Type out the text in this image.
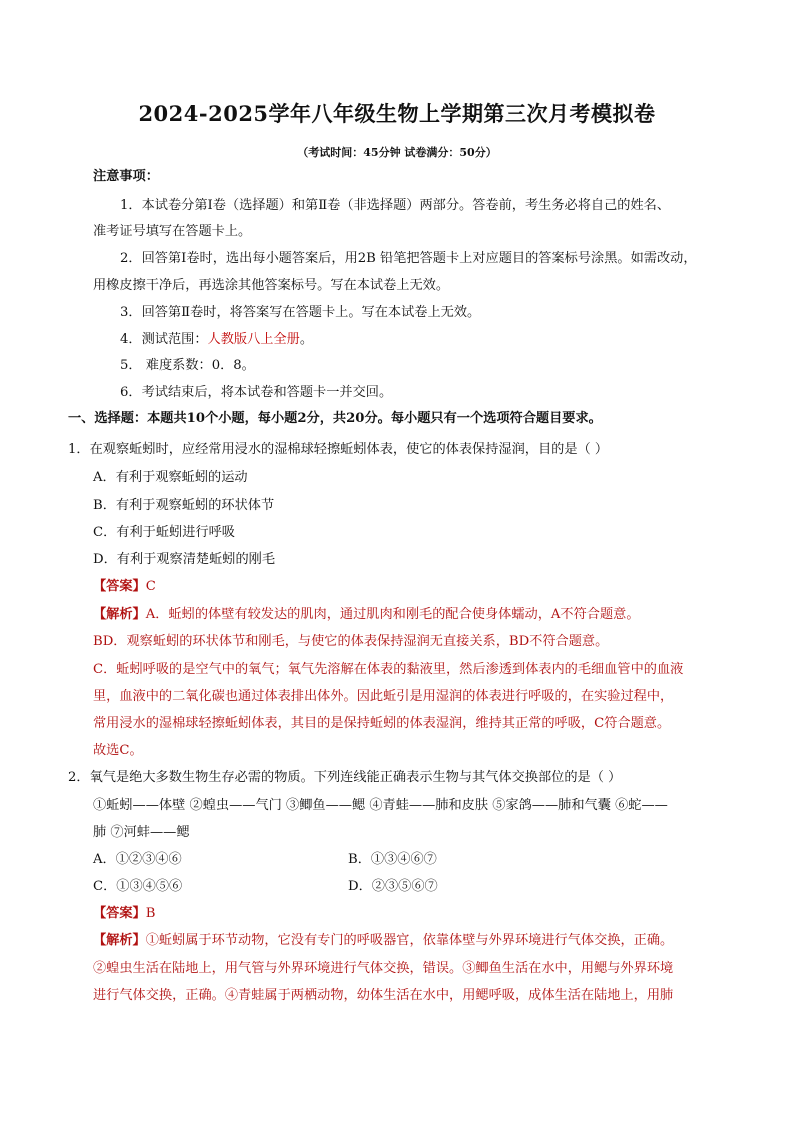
2024-2025学年八年级生物上学期第三次月考模拟卷
（考试时间：45分钟 试卷满分：50分）
注意事项：
1．本试卷分第Ⅰ卷（选择题）和第Ⅱ卷（非选择题）两部分。答卷前，考生务必将自己的姓名、
准考证号填写在答题卡上。
2．回答第Ⅰ卷时，选出每小题答案后，用2B 铅笔把答题卡上对应题目的答案标号涂黑。如需改动，
用橡皮擦干净后，再选涂其他答案标号。写在本试卷上无效。
3．回答第Ⅱ卷时，将答案写在答题卡上。写在本试卷上无效。
4．测试范围：人教版八上全册。
5． 难度系数：0．8。
6．考试结束后，将本试卷和答题卡一并交回。
一、选择题：本题共10个小题，每小题2分，共20分。每小题只有一个选项符合题目要求。
1．在观察蚯蚓时，应经常用浸水的湿棉球轻擦蚯蚓体表，使它的体表保持湿润，目的是（ ）
A．有利于观察蚯蚓的运动
B．有利于观察蚯蚓的环状体节
C．有利于蚯蚓进行呼吸
D．有利于观察清楚蚯蚓的刚毛
【答案】C
【解析】A．蚯蚓的体壁有较发达的肌肉，通过肌肉和刚毛的配合使身体蠕动，A不符合题意。
BD．观察蚯蚓的环状体节和刚毛，与使它的体表保持湿润无直接关系，BD不符合题意。
C．蚯蚓呼吸的是空气中的氧气；氧气先溶解在体表的黏液里，然后渗透到体表内的毛细血管中的血液
里，血液中的二氧化碳也通过体表排出体外。因此蚯引是用湿润的体表进行呼吸的，在实验过程中，
常用浸水的湿棉球轻擦蚯蚓体表，其目的是保持蚯蚓的体表湿润，维持其正常的呼吸，C符合题意。
故选C。
2．氧气是绝大多数生物生存必需的物质。下列连线能正确表示生物与其气体交换部位的是（ ）
①蚯蚓——体壁 ②蝗虫——气门 ③鲫鱼——鳃 ④青蛙——肺和皮肤 ⑤家鸽——肺和气囊 ⑥蛇——
肺 ⑦河蚌——鳃
A．①②③④⑥	B．①③④⑥⑦
C．①③④⑤⑥	D．②③⑤⑥⑦
【答案】B
【解析】①蚯蚓属于环节动物，它没有专门的呼吸器官，依靠体壁与外界环境进行气体交换，正确。
②蝗虫生活在陆地上，用气管与外界环境进行气体交换，错误。③鲫鱼生活在水中，用鳃与外界环境
进行气体交换，正确。④青蛙属于两栖动物，幼体生活在水中，用鳃呼吸，成体生活在陆地上，用肺
